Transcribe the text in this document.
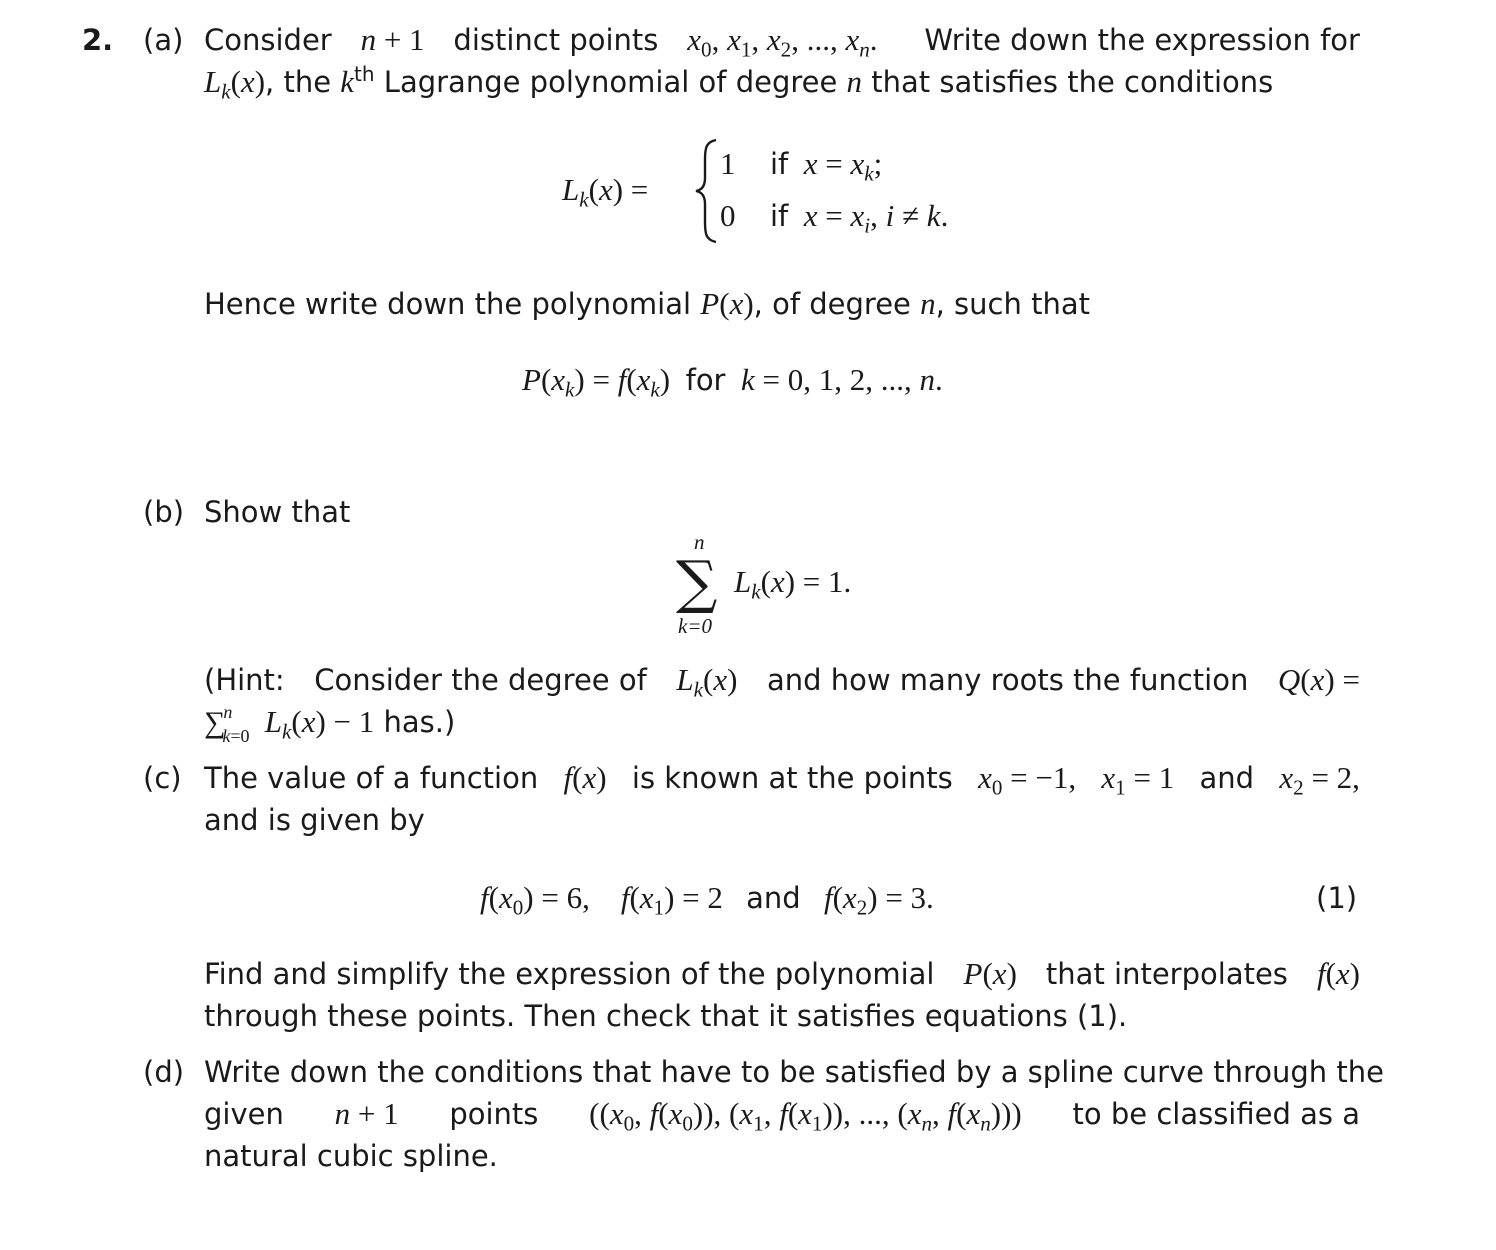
2. (a) Consider n + 1 distinct points $x_0$, $x_1$, $x_2$, ..., $x_n$. Write down the expression for
$L_k(x)$, the $k^{th}$ Lagrange polynomial of degree n that satisfies the conditions
$L_k(x)$ =
1 if $x = x_k$;
0 if $x = x_i$, i ≠ k.
Hence write down the polynomial P(x), of degree n, such that
$P(x_k) = f(x_k)$ for k = 0, 1, 2, ..., n.
(b) Show that
n
∑
k=0
$L_k(x) = 1$.
(Hint: Consider the degree of $L_k(x)$ and how many roots the function Q(x) =
∑$^n_{k=0}$ $L_k(x) - 1$ has.)
(c) The value of a function f(x) is known at the points $x_0 = -1$, $x_1 = 1$ and $x_2 = 2$,
and is given by
$f(x_0) = 6$, $f(x_1) = 2$ and $f(x_2) = 3$.	(1)
Find and simplify the expression of the polynomial P(x) that interpolates f(x)
through these points. Then check that it satisfies equations (1).
(d) Write down the conditions that have to be satisfied by a spline curve through the
given n + 1 points (($x_0$, $f(x_0)$), ($x_1$, $f(x_1)$), ..., ($x_n$, $f(x_n)$)) to be classified as a
natural cubic spline.
